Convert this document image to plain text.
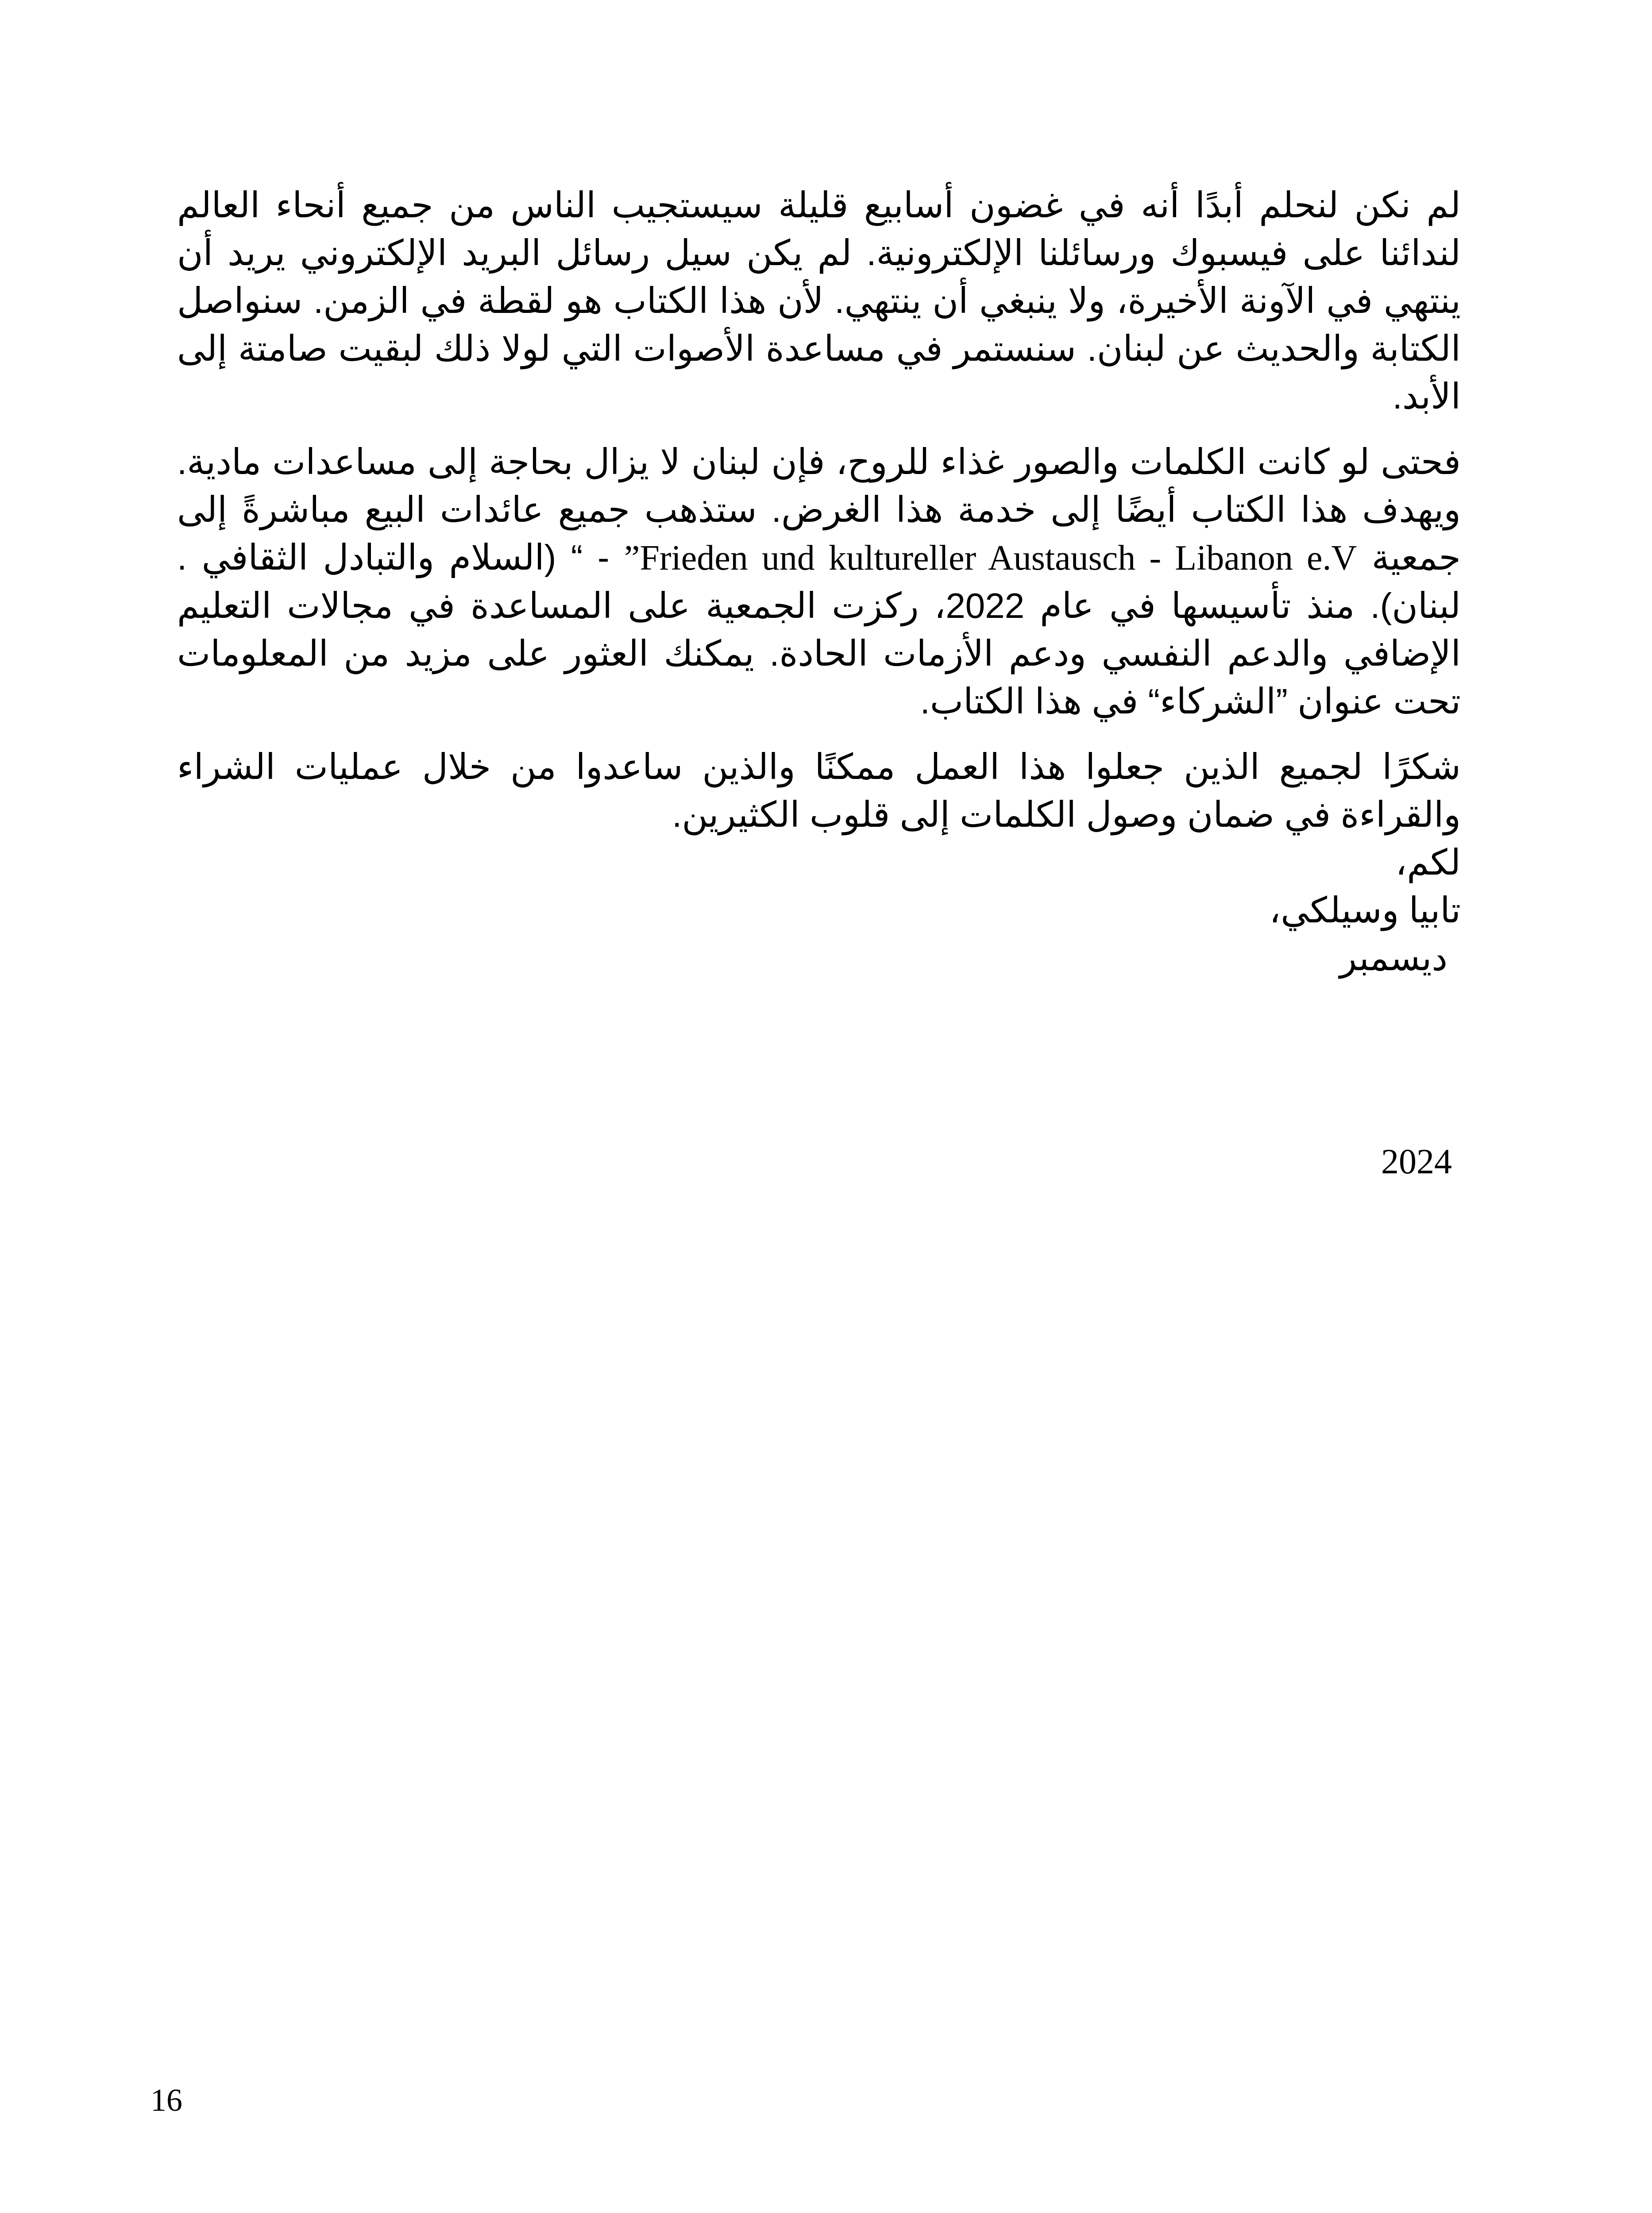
لم نكن لنحلم أبدًا أنه في غضون أسابيع قليلة سيستجيب الناس من جميع أنحاء العالم لندائنا على فيسبوك ورسائلنا الإلكترونية. لم يكن سيل رسائل البريد الإلكتروني يريد أن ينتهي في الآونة الأخيرة، ولا ينبغي أن ينتهي. لأن هذا الكتاب هو لقطة في الزمن. سنواصل الكتابة والحديث عن لبنان. سنستمر في مساعدة الأصوات التي لولا ذلك لبقيت صامتة إلى الأبد.

فحتى لو كانت الكلمات والصور غذاء للروح، فإن لبنان لا يزال بحاجة إلى مساعدات مادية. ويهدف هذا الكتاب أيضًا إلى خدمة هذا الغرض. ستذهب جميع عائدات البيع مباشرةً إلى جمعية ”Frieden und kultureller Austausch - Libanon e.V - “ (السلام والتبادل الثقافي . لبنان). منذ تأسيسها في عام 2022، ركزت الجمعية على المساعدة في مجالات التعليم الإضافي والدعم النفسي ودعم الأزمات الحادة. يمكنك العثور على مزيد من المعلومات تحت عنوان ”الشركاء“ في هذا الكتاب.

شكرًا لجميع الذين جعلوا هذا العمل ممكنًا والذين ساعدوا من خلال عمليات الشراء والقراءة في ضمان وصول الكلمات إلى قلوب الكثيرين.

لكم،

تابيا وسيلكي،

ديسمبر

2024

16
